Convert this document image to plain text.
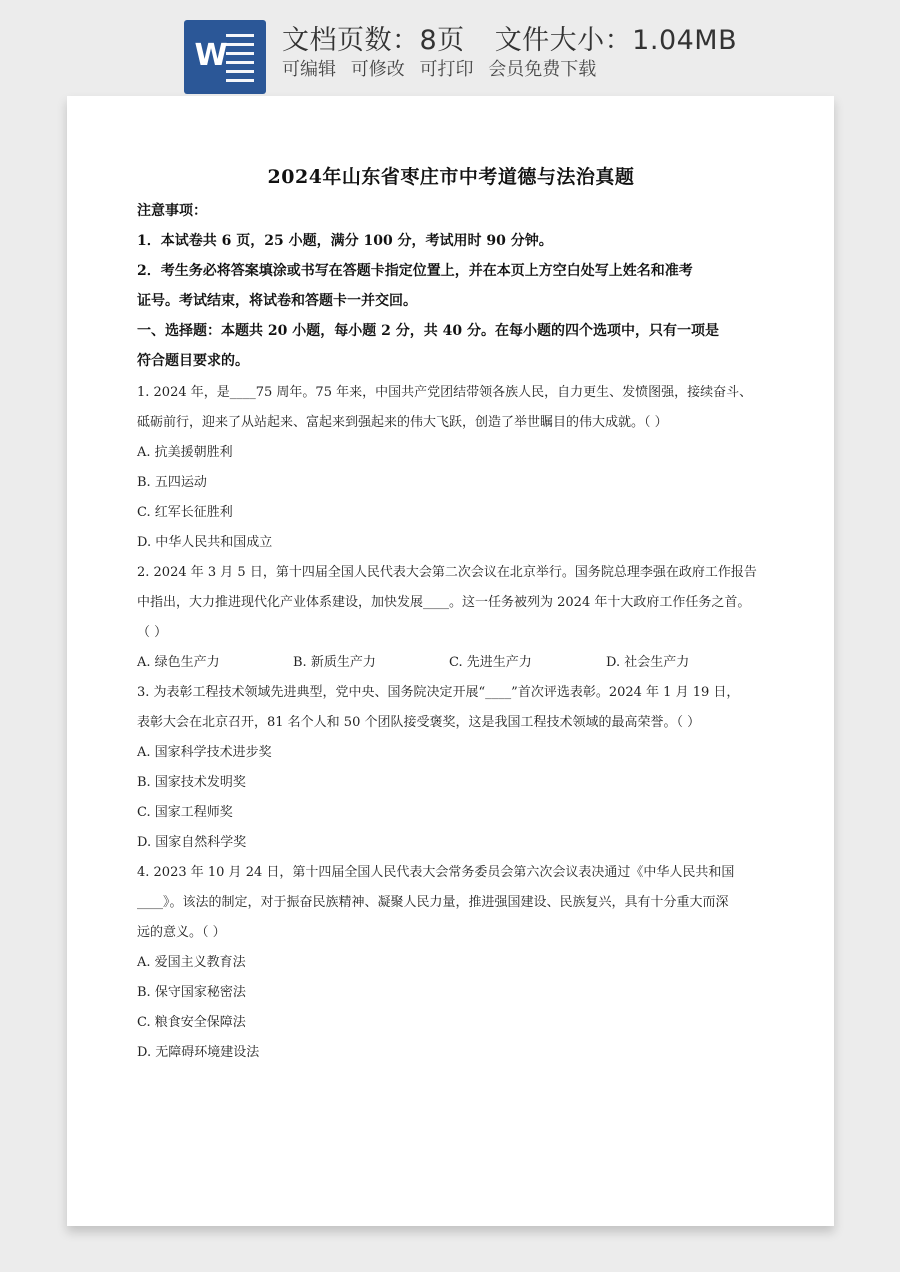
W 文档页数：8页 文件大小：1.04MB
可编辑 可修改 可打印 会员免费下载
2024年山东省枣庄市中考道德与法治真题
注意事项：
1．本试卷共 6 页，25 小题，满分 100 分，考试用时 90 分钟。
2．考生务必将答案填涂或书写在答题卡指定位置上，并在本页上方空白处写上姓名和准考
证号。考试结束，将试卷和答题卡一并交回。
一、选择题：本题共 20 小题，每小题 2 分，共 40 分。在每小题的四个选项中，只有一项是
符合题目要求的。
1. 2024 年，是____75 周年。75 年来，中国共产党团结带领各族人民，自力更生、发愤图强，接续奋斗、
砥砺前行，迎来了从站起来、富起来到强起来的伟大飞跃，创造了举世瞩目的伟大成就。（ ）
A. 抗美援朝胜利
B. 五四运动
C. 红军长征胜利
D. 中华人民共和国成立
2. 2024 年 3 月 5 日，第十四届全国人民代表大会第二次会议在北京举行。国务院总理李强在政府工作报告
中指出，大力推进现代化产业体系建设，加快发展____。这一任务被列为 2024 年十大政府工作任务之首。
（ ）
A. 绿色生产力	B. 新质生产力	C. 先进生产力	D. 社会生产力
3. 为表彰工程技术领域先进典型，党中央、国务院决定开展“____”首次评选表彰。2024 年 1 月 19 日，
表彰大会在北京召开，81 名个人和 50 个团队接受褒奖，这是我国工程技术领域的最高荣誉。（ ）
A. 国家科学技术进步奖
B. 国家技术发明奖
C. 国家工程师奖
D. 国家自然科学奖
4. 2023 年 10 月 24 日，第十四届全国人民代表大会常务委员会第六次会议表决通过《中华人民共和国
____》。该法的制定，对于振奋民族精神、凝聚人民力量，推进强国建设、民族复兴，具有十分重大而深
远的意义。（ ）
A. 爱国主义教育法
B. 保守国家秘密法
C. 粮食安全保障法
D. 无障碍环境建设法
